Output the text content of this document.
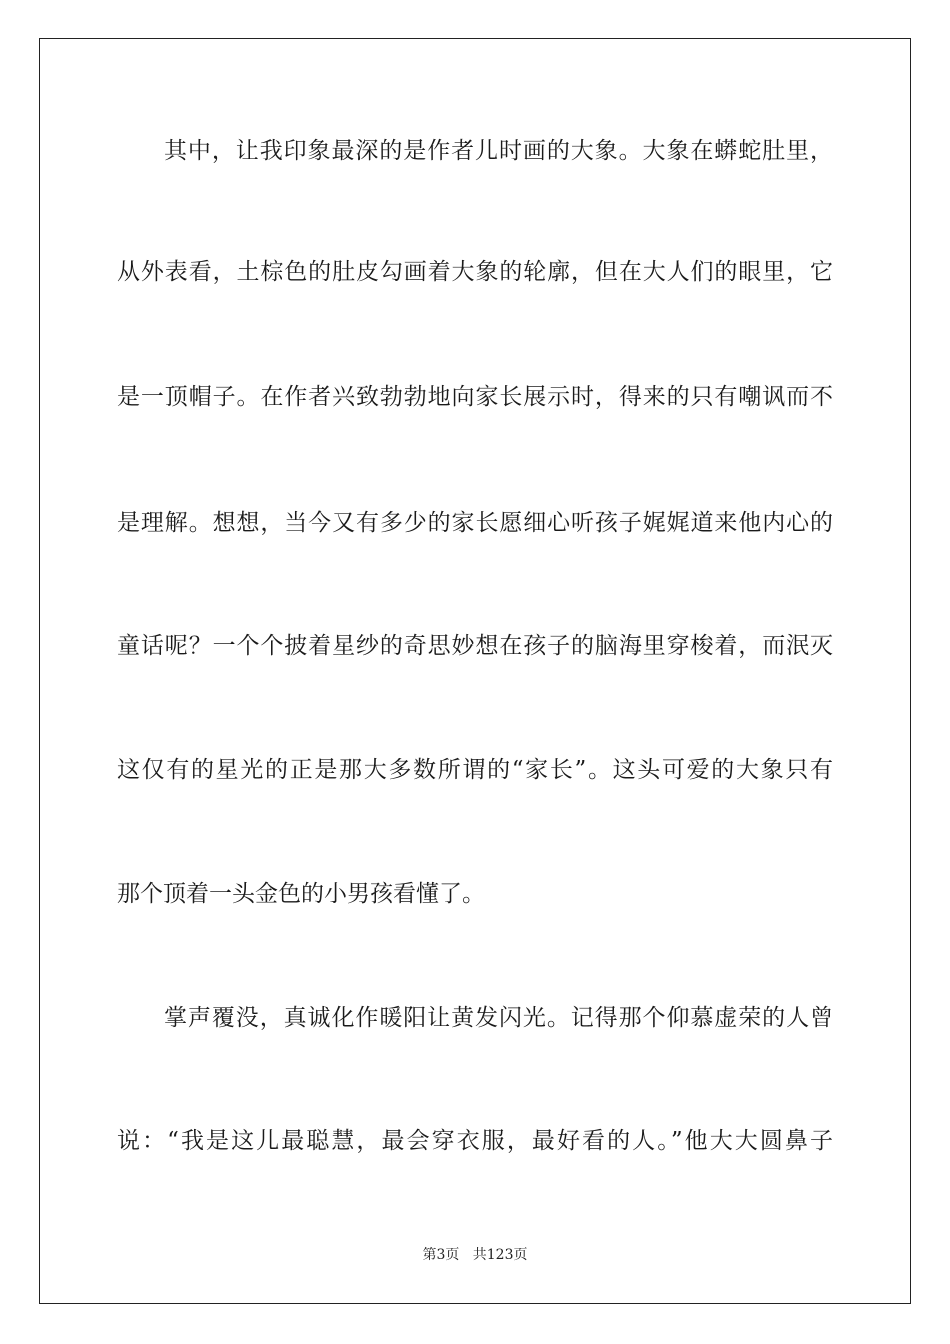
其中，让我印象最深的是作者儿时画的大象。大象在蟒蛇肚里，
从外表看，土棕色的肚皮勾画着大象的轮廓，但在大人们的眼里，它
是一顶帽子。在作者兴致勃勃地向家长展示时，得来的只有嘲讽而不
是理解。想想，当今又有多少的家长愿细心听孩子娓娓道来他内心的
童话呢？一个个披着星纱的奇思妙想在孩子的脑海里穿梭着，而泯灭
这仅有的星光的正是那大多数所谓的“家长”。这头可爱的大象只有
那个顶着一头金色的小男孩看懂了。
掌声覆没，真诚化作暖阳让黄发闪光。记得那个仰慕虚荣的人曾
说：“我是这儿最聪慧，最会穿衣服，最好看的人。”他大大圆鼻子
第3页 共123页
